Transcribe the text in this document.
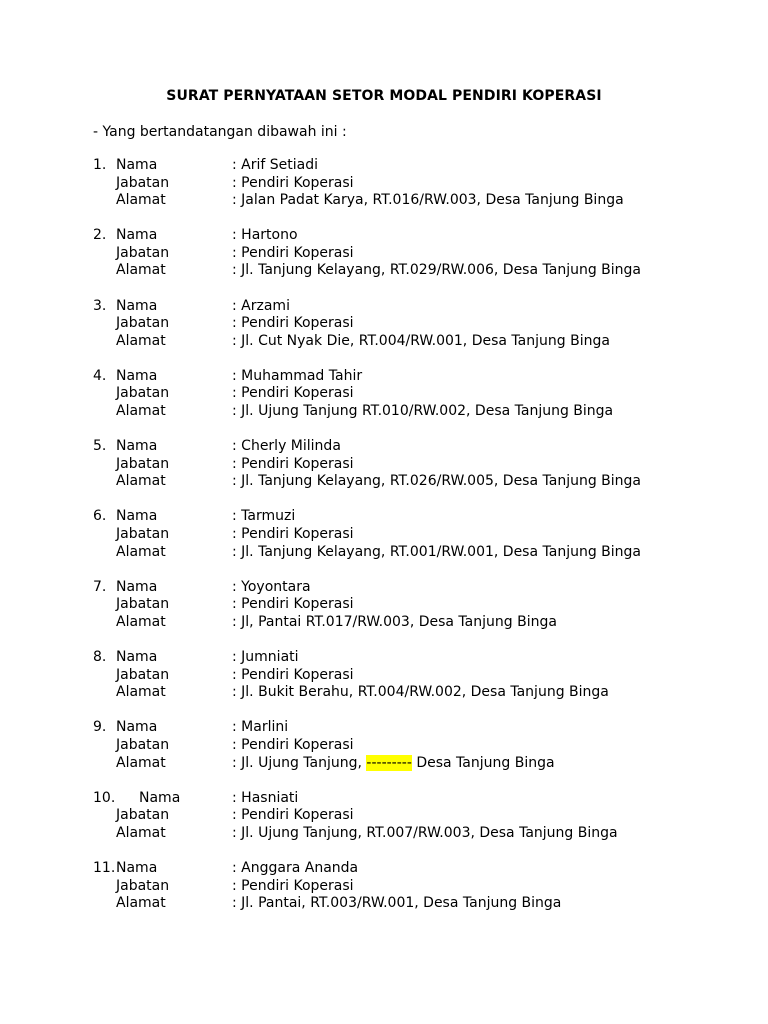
SURAT PERNYATAAN SETOR MODAL PENDIRI KOPERASI
- Yang bertandatangan dibawah ini :
1. Nama	: Arif Setiadi
Jabatan	: Pendiri Koperasi
Alamat	: Jalan Padat Karya, RT.016/RW.003, Desa Tanjung Binga
2. Nama	: Hartono
Jabatan	: Pendiri Koperasi
Alamat	: Jl. Tanjung Kelayang, RT.029/RW.006, Desa Tanjung Binga
3. Nama	: Arzami
Jabatan	: Pendiri Koperasi
Alamat	: Jl. Cut Nyak Die, RT.004/RW.001, Desa Tanjung Binga
4. Nama	: Muhammad Tahir
Jabatan	: Pendiri Koperasi
Alamat	: Jl. Ujung Tanjung RT.010/RW.002, Desa Tanjung Binga
5. Nama	: Cherly Milinda
Jabatan	: Pendiri Koperasi
Alamat	: Jl. Tanjung Kelayang, RT.026/RW.005, Desa Tanjung Binga
6. Nama	: Tarmuzi
Jabatan	: Pendiri Koperasi
Alamat	: Jl. Tanjung Kelayang, RT.001/RW.001, Desa Tanjung Binga
7. Nama	: Yoyontara
Jabatan	: Pendiri Koperasi
Alamat	: Jl, Pantai RT.017/RW.003, Desa Tanjung Binga
8. Nama	: Jumniati
Jabatan	: Pendiri Koperasi
Alamat	: Jl. Bukit Berahu, RT.004/RW.002, Desa Tanjung Binga
9. Nama	: Marlini
Jabatan	: Pendiri Koperasi
Alamat	: Jl. Ujung Tanjung, --------- Desa Tanjung Binga
10. Nama	: Hasniati
Jabatan	: Pendiri Koperasi
Alamat	: Jl. Ujung Tanjung, RT.007/RW.003, Desa Tanjung Binga
11. Nama	: Anggara Ananda
Jabatan	: Pendiri Koperasi
Alamat	: Jl. Pantai, RT.003/RW.001, Desa Tanjung Binga
